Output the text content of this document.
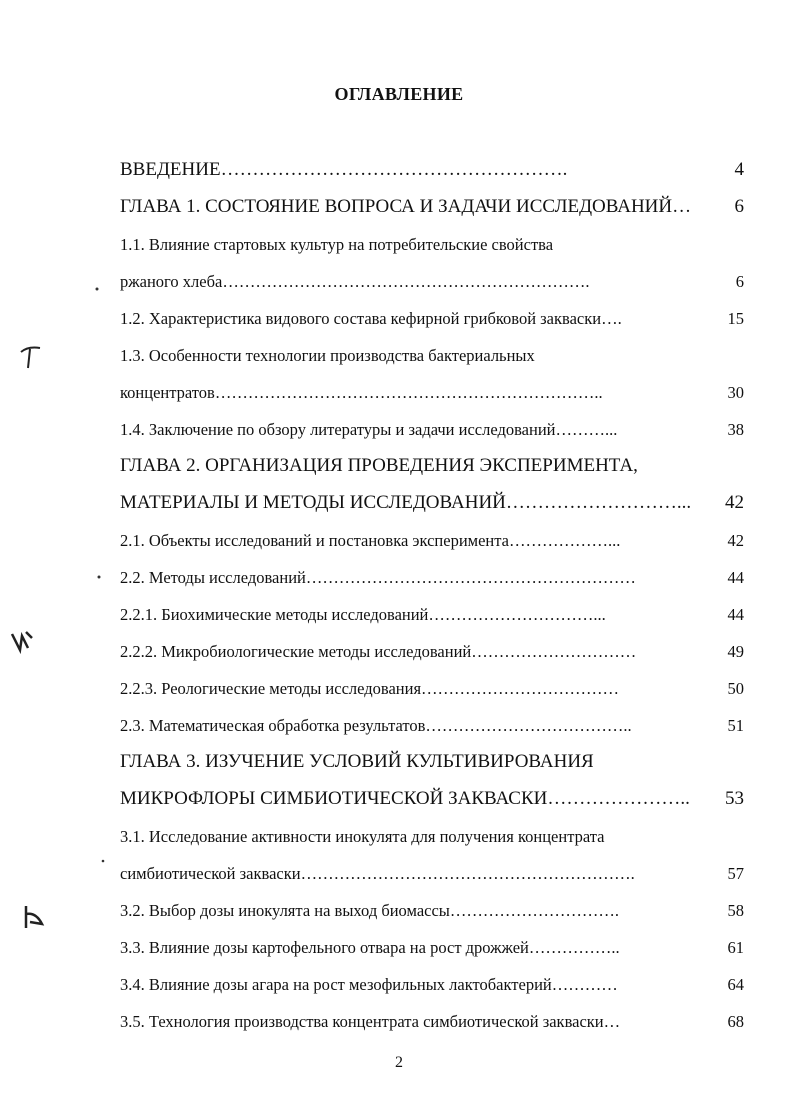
ОГЛАВЛЕНИЕ
ВВЕДЕНИЕ ……………………………………………….	4
ГЛАВА 1. СОСТОЯНИЕ ВОПРОСА И ЗАДАЧИ ИССЛЕДОВАНИЙ…	6
1.1. Влияние стартовых культур на потребительские свойства
ржаного хлеба ………………………………………………………….	6
1.2. Характеристика видового состава кефирной грибковой закваски….	15
1.3. Особенности технологии производства бактериальных
концентратов ……………………………………………………………..	30
1.4. Заключение по обзору литературы и задачи исследований ………...	38
ГЛАВА 2. ОРГАНИЗАЦИЯ ПРОВЕДЕНИЯ ЭКСПЕРИМЕНТА,
МАТЕРИАЛЫ И МЕТОДЫ ИССЛЕДОВАНИЙ ………………………...	42
2.1. Объекты исследований и постановка эксперимента ………………...	42
2.2. Методы исследований ……………………………………………………	44
2.2.1. Биохимические методы исследований …………………………...	44
2.2.2. Микробиологические методы исследований …………………………	49
2.2.3. Реологические методы исследования ………………………………	50
2.3. Математическая обработка результатов ………………………………..	51
ГЛАВА 3. ИЗУЧЕНИЕ УСЛОВИЙ КУЛЬТИВИРОВАНИЯ
МИКРОФЛОРЫ СИМБИОТИЧЕСКОЙ ЗАКВАСКИ …………………..	53
3.1. Исследование активности инокулята для получения концентрата
симбиотической закваски …………………………………………………….	57
3.2. Выбор дозы инокулята на выход биомассы ………………………….	58
3.3. Влияние дозы картофельного отвара на рост дрожжей ……………..	61
3.4. Влияние дозы агара на рост мезофильных лактобактерий …………	64
3.5. Технология производства концентрата симбиотической закваски…	68
2
